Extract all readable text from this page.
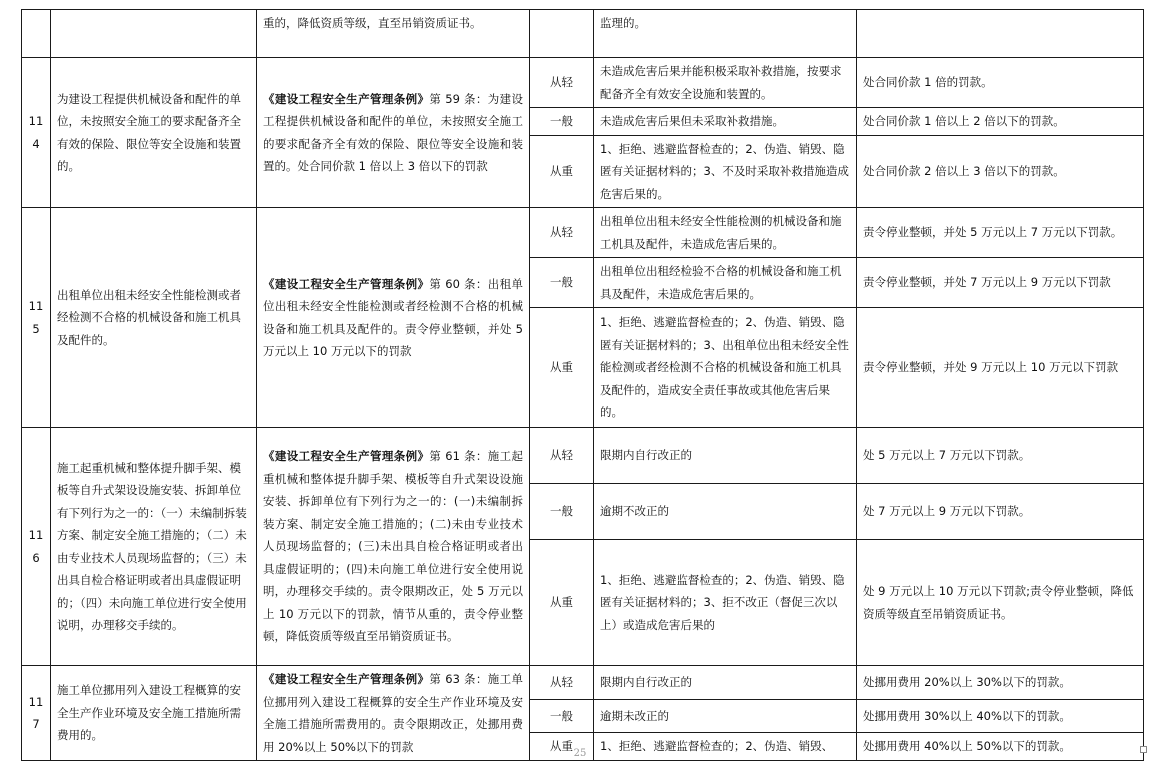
		重的，降低资质等级，直至吊销资质证书。		监理的。	
114	为建设工程提供机械设备和配件的单位，未按照安全施工的要求配备齐全有效的保险、限位等安全设施和装置的。	《建设工程安全生产管理条例》第 59 条：为建设工程提供机械设备和配件的单位，未按照安全施工的要求配备齐全有效的保险、限位等安全设施和装置的。处合同价款 1 倍以上 3 倍以下的罚款	从轻	未造成危害后果并能积极采取补救措施，按要求配备齐全有效安全设施和装置的。	处合同价款 1 倍的罚款。
			一般	未造成危害后果但未采取补救措施。	处合同价款 1 倍以上 2 倍以下的罚款。
			从重	1、拒绝、逃避监督检查的；2、伪造、销毁、隐匿有关证据材料的；3、不及时采取补救措施造成危害后果的。	处合同价款 2 倍以上 3 倍以下的罚款。
115	出租单位出租未经安全性能检测或者经检测不合格的机械设备和施工机具及配件的。	《建设工程安全生产管理条例》第 60 条：出租单位出租未经安全性能检测或者经检测不合格的机械设备和施工机具及配件的。责令停业整顿，并处 5 万元以上 10 万元以下的罚款	从轻	出租单位出租未经安全性能检测的机械设备和施工机具及配件，未造成危害后果的。	责令停业整顿，并处 5 万元以上 7 万元以下罚款。
			一般	出租单位出租经检验不合格的机械设备和施工机具及配件，未造成危害后果的。	责令停业整顿，并处 7 万元以上 9 万元以下罚款
			从重	1、拒绝、逃避监督检查的；2、伪造、销毁、隐匿有关证据材料的；3、出租单位出租未经安全性能检测或者经检测不合格的机械设备和施工机具及配件的，造成安全责任事故或其他危害后果的。	责令停业整顿，并处 9 万元以上 10 万元以下罚款
116	施工起重机械和整体提升脚手架、模板等自升式架设设施安装、拆卸单位有下列行为之一的：（一）未编制拆装方案、制定安全施工措施的；（二）未由专业技术人员现场监督的；（三）未出具自检合格证明或者出具虚假证明的；（四）未向施工单位进行安全使用说明，办理移交手续的。	《建设工程安全生产管理条例》第 61 条：施工起重机械和整体提升脚手架、模板等自升式架设设施安装、拆卸单位有下列行为之一的：(一)未编制拆装方案、制定安全施工措施的；(二)未由专业技术人员现场监督的；(三)未出具自检合格证明或者出具虚假证明的；(四)未向施工单位进行安全使用说明，办理移交手续的。责令限期改正，处 5 万元以上 10 万元以下的罚款，情节从重的，责令停业整顿，降低资质等级直至吊销资质证书。	从轻	限期内自行改正的	处 5 万元以上 7 万元以下罚款。
			一般	逾期不改正的	处 7 万元以上 9 万元以下罚款。
			从重	1、拒绝、逃避监督检查的；2、伪造、销毁、隐匿有关证据材料的；3、拒不改正（督促三次以上）或造成危害后果的	处 9 万元以上 10 万元以下罚款;责令停业整顿，降低资质等级直至吊销资质证书。
117	施工单位挪用列入建设工程概算的安全生产作业环境及安全施工措施所需费用的。	《建设工程安全生产管理条例》第 63 条：施工单位挪用列入建设工程概算的安全生产作业环境及安全施工措施所需费用的。责令限期改正，处挪用费用 20%以上 50%以下的罚款	从轻	限期内自行改正的	处挪用费用 20%以上 30%以下的罚款。
			一般	逾期未改正的	处挪用费用 30%以上 40%以下的罚款。
			从重	1、拒绝、逃避监督检查的；2、伪造、销毁、	处挪用费用 40%以上 50%以下的罚款。
25
